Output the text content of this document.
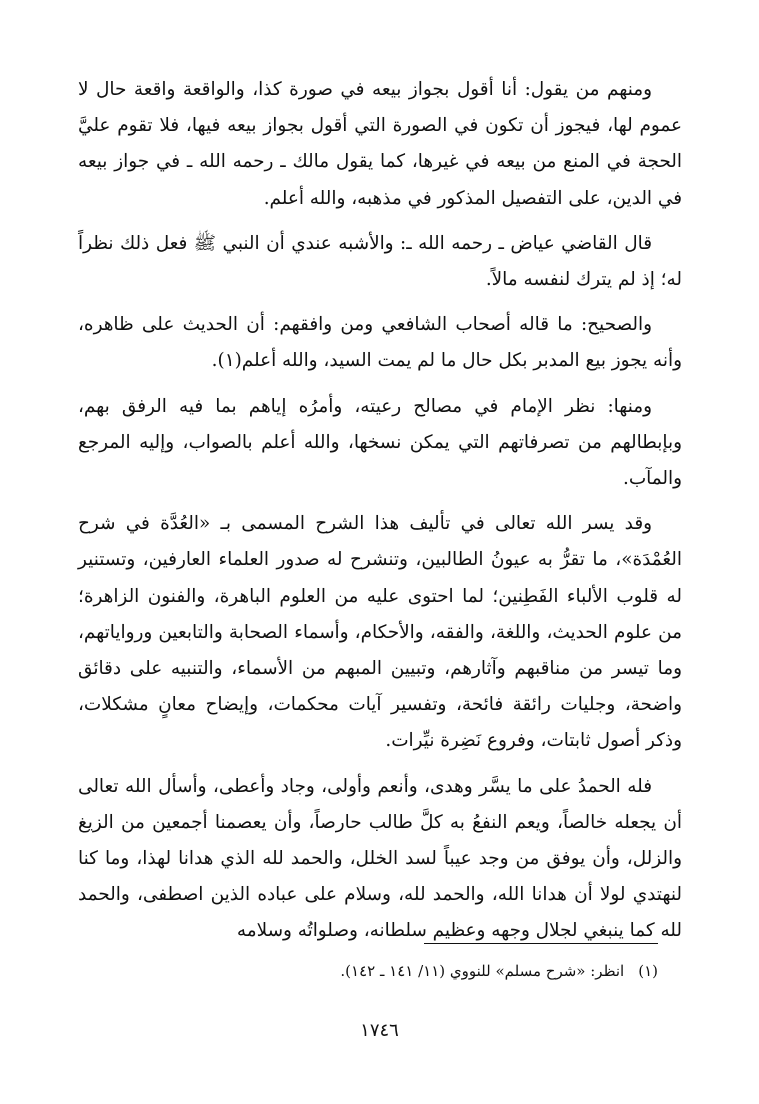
ومنهم من يقول: أنا أقول بجواز بيعه في صورة كذا، والواقعة واقعة حال لا عموم لها، فيجوز أن تكون في الصورة التي أقول بجواز بيعه فيها، فلا تقوم عليَّ الحجة في المنع من بيعه في غيرها، كما يقول مالك ـ رحمه الله ـ في جواز بيعه في الدين، على التفصيل المذكور في مذهبه، والله أعلم.

قال القاضي عياض ـ رحمه الله ـ: والأشبه عندي أن النبي ﷺ فعل ذلك نظراً له؛ إذ لم يترك لنفسه مالاً.

والصحيح: ما قاله أصحاب الشافعي ومن وافقهم: أن الحديث على ظاهره، وأنه يجوز بيع المدبر بكل حال ما لم يمت السيد، والله أعلم(١).

ومنها: نظر الإمام في مصالح رعيته، وأمرُه إياهم بما فيه الرفق بهم، وبإبطالهم من تصرفاتهم التي يمكن نسخها، والله أعلم بالصواب، وإليه المرجع والمآب.

وقد يسر الله تعالى في تأليف هذا الشرح المسمى بـ «العُدَّة في شرح العُمْدَة»، ما تقرُّ به عيونُ الطالبين، وتنشرح له صدور العلماء العارفين، وتستنير له قلوب الألباء الفَطِنين؛ لما احتوى عليه من العلوم الباهرة، والفنون الزاهرة؛ من علوم الحديث، واللغة، والفقه، والأحكام، وأسماء الصحابة والتابعين ورواياتهم، وما تيسر من مناقبهم وآثارهم، وتبيين المبهم من الأسماء، والتنبيه على دقائق واضحة، وجليات رائقة فائحة، وتفسير آيات محكمات، وإيضاح معانٍ مشكلات، وذكر أصول ثابتات، وفروع نَضِرة نيِّرات.

فله الحمدُ على ما يسَّر وهدى، وأنعم وأولى، وجاد وأعطى، وأسأل الله تعالى أن يجعله خالصاً، ويعم النفعُ به كلَّ طالب حارصاً، وأن يعصمنا أجمعين من الزيغ والزلل، وأن يوفق من وجد عيباً لسد الخلل، والحمد لله الذي هدانا لهذا، وما كنا لنهتدي لولا أن هدانا الله، والحمد لله، وسلام على عباده الذين اصطفى، والحمد لله كما ينبغي لجلال وجهه وعظيم سلطانه، وصلواتُه وسلامه

(١)انظر: «شرح مسلم» للنووي (١١/ ١٤١ ـ ١٤٢).
١٧٤٦
